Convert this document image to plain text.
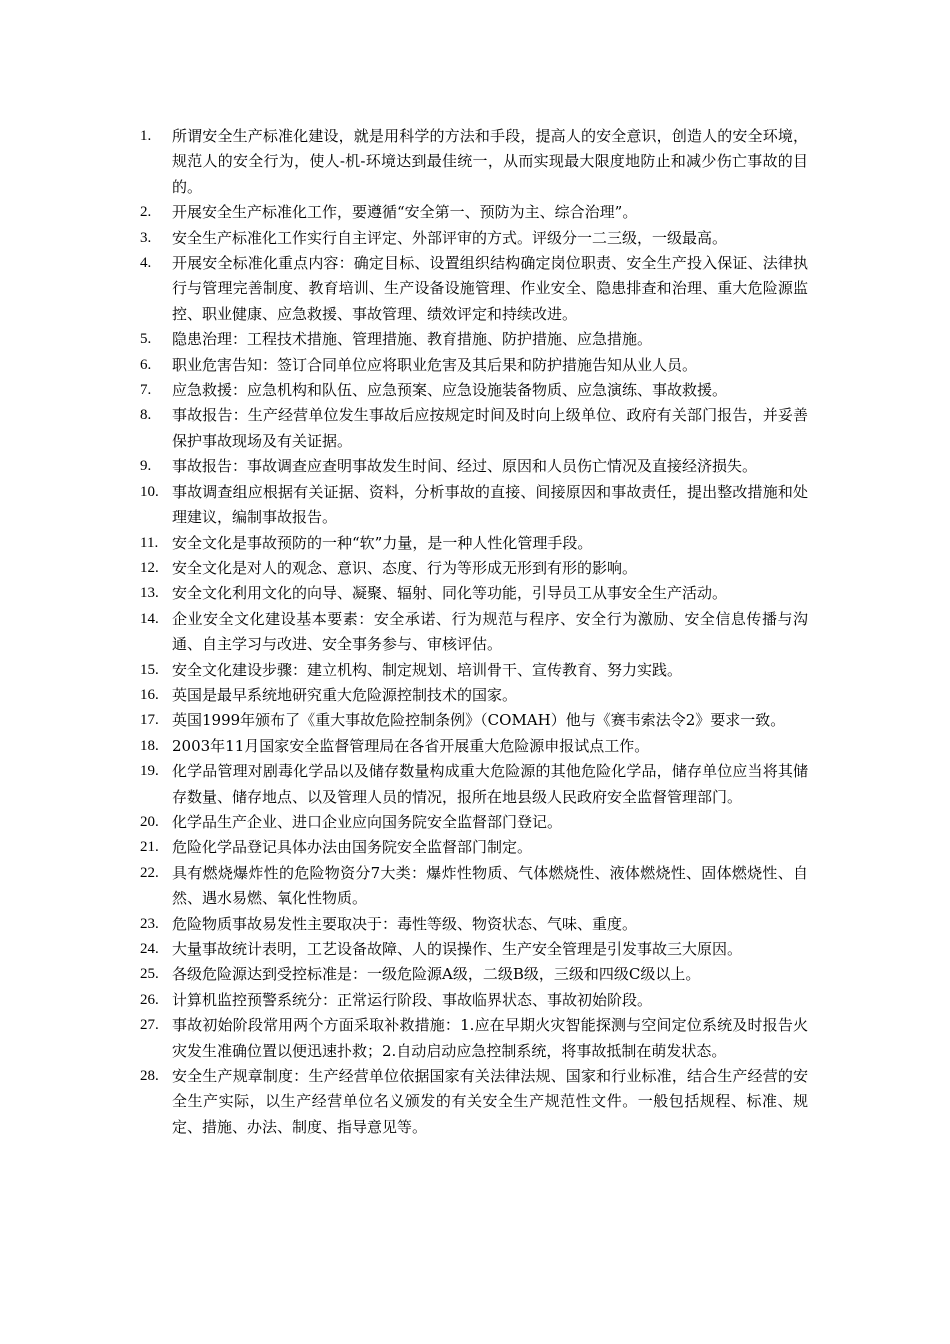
1.	所谓安全生产标准化建设，就是用科学的方法和手段，提高人的安全意识，创造人的安全环境，规范人的安全行为，使人-机-环境达到最佳统一，从而实现最大限度地防止和减少伤亡事故的目的。
2.	开展安全生产标准化工作，要遵循“安全第一、预防为主、综合治理”。
3.	安全生产标准化工作实行自主评定、外部评审的方式。评级分一二三级，一级最高。
4.	开展安全标准化重点内容：确定目标、设置组织结构确定岗位职责、安全生产投入保证、法律执行与管理完善制度、教育培训、生产设备设施管理、作业安全、隐患排查和治理、重大危险源监控、职业健康、应急救援、事故管理、绩效评定和持续改进。
5.	隐患治理：工程技术措施、管理措施、教育措施、防护措施、应急措施。
6.	职业危害告知：签订合同单位应将职业危害及其后果和防护措施告知从业人员。
7.	应急救援：应急机构和队伍、应急预案、应急设施装备物质、应急演练、事故救援。
8.	事故报告：生产经营单位发生事故后应按规定时间及时向上级单位、政府有关部门报告，并妥善保护事故现场及有关证据。
9.	事故报告：事故调查应查明事故发生时间、经过、原因和人员伤亡情况及直接经济损失。
10. 事故调查组应根据有关证据、资料，分析事故的直接、间接原因和事故责任，提出整改措施和处理建议，编制事故报告。
11. 安全文化是事故预防的一种“软”力量，是一种人性化管理手段。
12. 安全文化是对人的观念、意识、态度、行为等形成无形到有形的影响。
13. 安全文化利用文化的向导、凝聚、辐射、同化等功能，引导员工从事安全生产活动。
14. 企业安全文化建设基本要素：安全承诺、行为规范与程序、安全行为激励、安全信息传播与沟通、自主学习与改进、安全事务参与、审核评估。
15. 安全文化建设步骤：建立机构、制定规划、培训骨干、宣传教育、努力实践。
16. 英国是最早系统地研究重大危险源控制技术的国家。
17. 英国1999年颁布了《重大事故危险控制条例》（COMAH）他与《赛韦索法令2》要求一致。
18. 2003年11月国家安全监督管理局在各省开展重大危险源申报试点工作。
19. 化学品管理对剧毒化学品以及储存数量构成重大危险源的其他危险化学品，储存单位应当将其储存数量、储存地点、以及管理人员的情况，报所在地县级人民政府安全监督管理部门。
20. 化学品生产企业、进口企业应向国务院安全监督部门登记。
21. 危险化学品登记具体办法由国务院安全监督部门制定。
22. 具有燃烧爆炸性的危险物资分7大类：爆炸性物质、气体燃烧性、液体燃烧性、固体燃烧性、自然、遇水易燃、氧化性物质。
23. 危险物质事故易发性主要取决于：毒性等级、物资状态、气味、重度。
24. 大量事故统计表明，工艺设备故障、人的误操作、生产安全管理是引发事故三大原因。
25. 各级危险源达到受控标准是：一级危险源A级，二级B级，三级和四级C级以上。
26. 计算机监控预警系统分：正常运行阶段、事故临界状态、事故初始阶段。
27. 事故初始阶段常用两个方面采取补救措施：1.应在早期火灾智能探测与空间定位系统及时报告火灾发生准确位置以便迅速扑救；2.自动启动应急控制系统，将事故抵制在萌发状态。
28. 安全生产规章制度：生产经营单位依据国家有关法律法规、国家和行业标准，结合生产经营的安全生产实际，以生产经营单位名义颁发的有关安全生产规范性文件。一般包括规程、标准、规定、措施、办法、制度、指导意见等。
